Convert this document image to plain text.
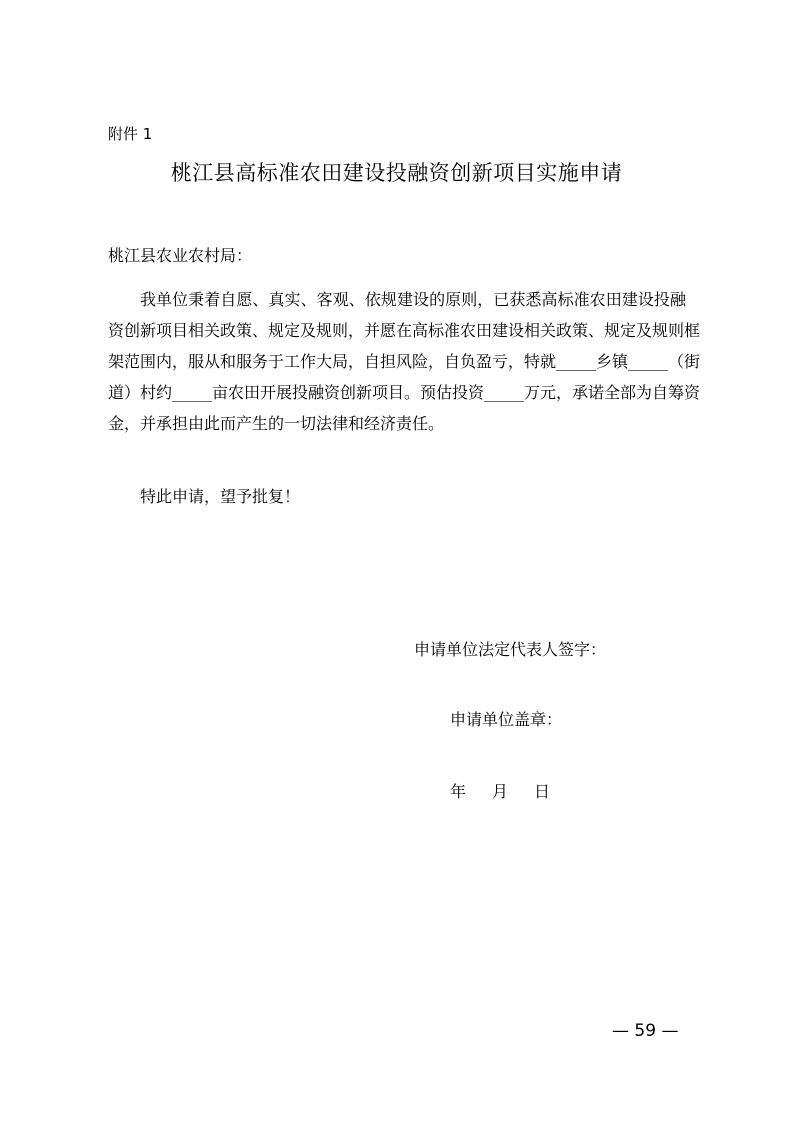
附件 1
桃江县高标准农田建设投融资创新项目实施申请
桃江县农业农村局：
我单位秉着自愿、真实、客观、依规建设的原则，已获悉高标准农田建设投融
资创新项目相关政策、规定及规则，并愿在高标准农田建设相关政策、规定及规则框
架范围内，服从和服务于工作大局，自担风险，自负盈亏，特就_____乡镇_____（街
道）村约_____亩农田开展投融资创新项目。预估投资_____万元，承诺全部为自筹资
金，并承担由此而产生的一切法律和经济责任。
特此申请，望予批复！
申请单位法定代表人签字：
申请单位盖章：
年 月 日
— 59 —
